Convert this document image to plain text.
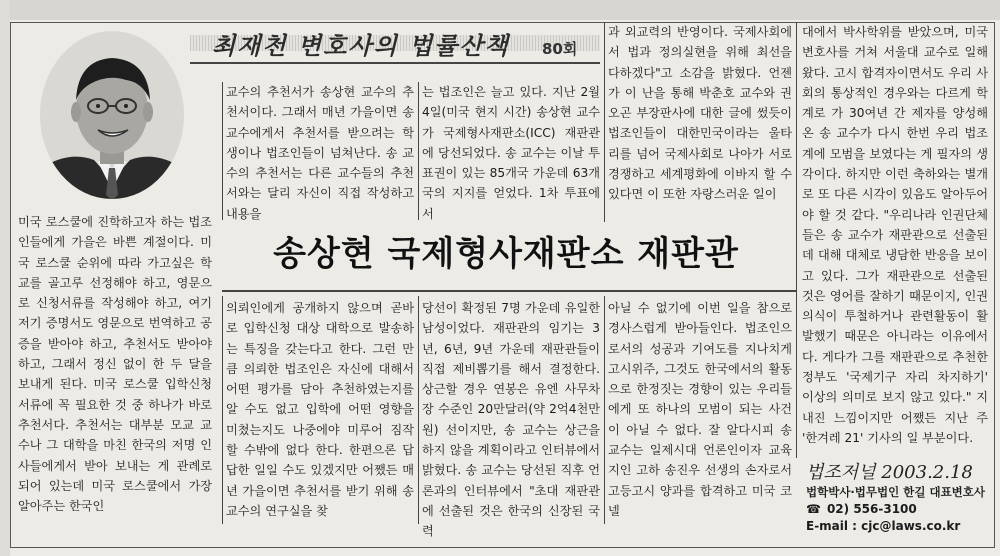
최재천 변호사의 법률산책 80회

교수의 추천서가 송상현 교수의 추천서이다. 그래서 매년 가을이면 송 교수에게서 추천서를 받으려는 학생이나 법조인들이 넘쳐난다. 송 교수의 추천서는 다른 교수들의 추천서와는 달리 자신이 직접 작성하고 내용을

는 법조인은 늘고 있다. 지난 2월 4일(미국 현지 시간) 송상현 교수가 국제형사재판소(ICC) 재판관에 당선되었다. 송 교수는 이날 투표권이 있는 85개국 가운데 63개국의 지지를 얻었다. 1차 투표에서

과 외교력의 반영이다. 국제사회에서 법과 정의실현을 위해 최선을 다하겠다"고 소감을 밝혔다. 언젠가 이 난을 통해 박춘호 교수와 권오곤 부장판사에 대한 글에 썼듯이 법조인들이 대한민국이라는 울타리를 넘어 국제사회로 나아가 서로 경쟁하고 세계평화에 이바지 할 수 있다면 이 또한 자랑스러운 일이

송상현 국제형사재판소 재판관

미국 로스쿨에 진학하고자 하는 법조인들에게 가을은 바쁜 계절이다. 미국 로스쿨 순위에 따라 가고싶은 학교를 골고루 선정해야 하고, 영문으로 신청서류를 작성해야 하고, 여기 저기 증명서도 영문으로 번역하고 공증을 받아야 하고, 추천서도 받아야 하고, 그래서 정신 없이 한 두 달을 보내게 된다. 미국 로스쿨 입학신청서류에 꼭 필요한 것 중 하나가 바로 추천서다. 추천서는 대부분 모교 교수나 그 대학을 마친 한국의 저명 인사들에게서 받아 보내는 게 관례로 되어 있는데 미국 로스쿨에서 가장 알아주는 한국인

의뢰인에게 공개하지 않으며 곧바로 입학신청 대상 대학으로 발송하는 특징을 갖는다고 한다. 그런 만큼 의뢰한 법조인은 자신에 대해서 어떤 평가를 담아 추천하였는지를 알 수도 없고 입학에 어떤 영향을 미쳤는지도 나중에야 미루어 짐작할 수밖에 없다 한다. 한편으론 답답한 일일 수도 있겠지만 어쨌든 매년 가을이면 추천서를 받기 위해 송 교수의 연구실을 찾

당선이 확정된 7명 가운데 유일한 남성이었다. 재판관의 임기는 3년, 6년, 9년 가운데 재판관들이 직접 제비뽑기를 해서 결정한다. 상근할 경우 연봉은 유엔 사무차장 수준인 20만달러(약 2억4천만원) 선이지만, 송 교수는 상근을 하지 않을 계획이라고 인터뷰에서 밝혔다. 송 교수는 당선된 직후 언론과의 인터뷰에서 "초대 재판관에 선출된 것은 한국의 신장된 국력

아닐 수 없기에 이번 일을 참으로 경사스럽게 받아들인다. 법조인으로서의 성공과 기여도를 지나치게 고시위주, 그것도 한국에서의 활동으로 한정짓는 경향이 있는 우리들에게 또 하나의 모범이 되는 사건이 아닐 수 없다. 잘 알다시피 송 교수는 일제시대 언론인이자 교육지인 고하 송진우 선생의 손자로서 고등고시 양과를 합격하고 미국 코넬

대에서 박사학위를 받았으며, 미국 변호사를 거쳐 서울대 교수로 일해왔다. 고시 합격자이면서도 우리 사회의 통상적인 경우와는 다르게 학계로 가 30여년 간 제자를 양성해 온 송 교수가 다시 한번 우리 법조계에 모범을 보였다는 게 필자의 생각이다. 하지만 이런 축하와는 별개로 또 다른 시각이 있음도 알아두어야 할 것 같다. "우리나라 인권단체들은 송 교수가 재판관으로 선출된 데 대해 대체로 냉담한 반응을 보이고 있다. 그가 재판관으로 선출된 것은 영어를 잘하기 때문이지, 인권의식이 투철하거나 관련활동이 활발했기 때문은 아니라는 이유에서다. 게다가 그를 재판관으로 추천한 정부도 '국제기구 자리 차지하기' 이상의 의미로 보지 않고 있다." 지내진 느낌이지만 어쨌든 지난 주 '한겨레 21' 기사의 일 부분이다.

법조저널 2003.2.18
법학박사·법무법인 한길 대표변호사
☎ 02) 556-3100
E-mail : cjc@laws.co.kr
